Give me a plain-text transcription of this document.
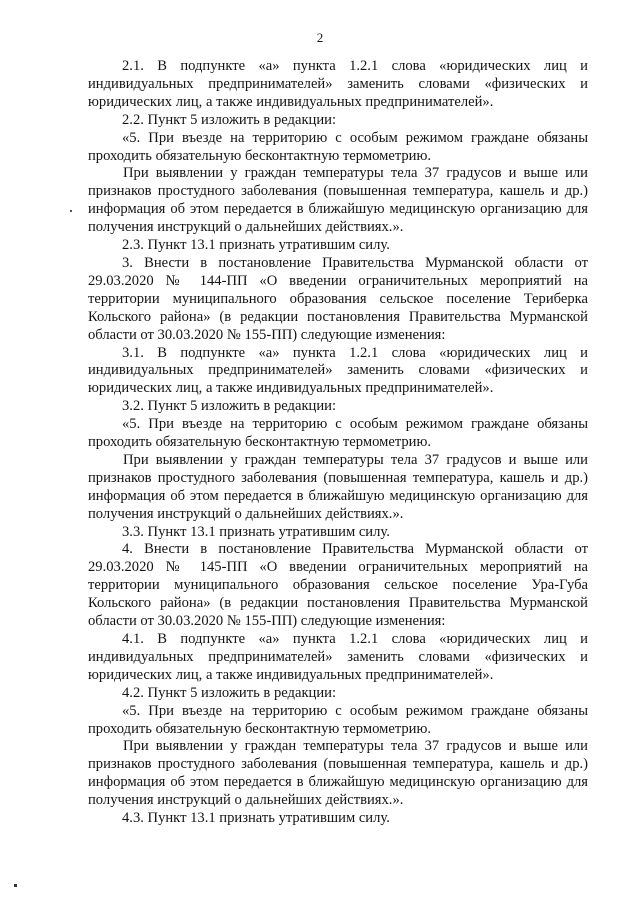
2

2.1. В подпункте «а» пункта 1.2.1 слова «юридических лиц и индивидуальных предпринимателей» заменить словами «физических и юридических лиц, а также индивидуальных предпринимателей».

2.2. Пункт 5 изложить в редакции:

«5. При въезде на территорию с особым режимом граждане обязаны проходить обязательную бесконтактную термометрию.

При выявлении у граждан температуры тела 37 градусов и выше или признаков простудного заболевания (повышенная температура, кашель и др.) информация об этом передается в ближайшую медицинскую организацию для получения инструкций о дальнейших действиях.».

2.3. Пункт 13.1 признать утратившим силу.

3. Внести в постановление Правительства Мурманской области от 29.03.2020 № 144-ПП «О введении ограничительных мероприятий на территории муниципального образования сельское поселение Териберка Кольского района» (в редакции постановления Правительства Мурманской области от 30.03.2020 № 155-ПП) следующие изменения:

3.1. В подпункте «а» пункта 1.2.1 слова «юридических лиц и индивидуальных предпринимателей» заменить словами «физических и юридических лиц, а также индивидуальных предпринимателей».

3.2. Пункт 5 изложить в редакции:

«5. При въезде на территорию с особым режимом граждане обязаны проходить обязательную бесконтактную термометрию.

При выявлении у граждан температуры тела 37 градусов и выше или признаков простудного заболевания (повышенная температура, кашель и др.) информация об этом передается в ближайшую медицинскую организацию для получения инструкций о дальнейших действиях.».

3.3. Пункт 13.1 признать утратившим силу.

4. Внести в постановление Правительства Мурманской области от 29.03.2020 № 145-ПП «О введении ограничительных мероприятий на территории муниципального образования сельское поселение Ура-Губа Кольского района» (в редакции постановления Правительства Мурманской области от 30.03.2020 № 155-ПП) следующие изменения:

4.1. В подпункте «а» пункта 1.2.1 слова «юридических лиц и индивидуальных предпринимателей» заменить словами «физических и юридических лиц, а также индивидуальных предпринимателей».

4.2. Пункт 5 изложить в редакции:

«5. При въезде на территорию с особым режимом граждане обязаны проходить обязательную бесконтактную термометрию.

При выявлении у граждан температуры тела 37 градусов и выше или признаков простудного заболевания (повышенная температура, кашель и др.) информация об этом передается в ближайшую медицинскую организацию для получения инструкций о дальнейших действиях.».

4.3. Пункт 13.1 признать утратившим силу.
